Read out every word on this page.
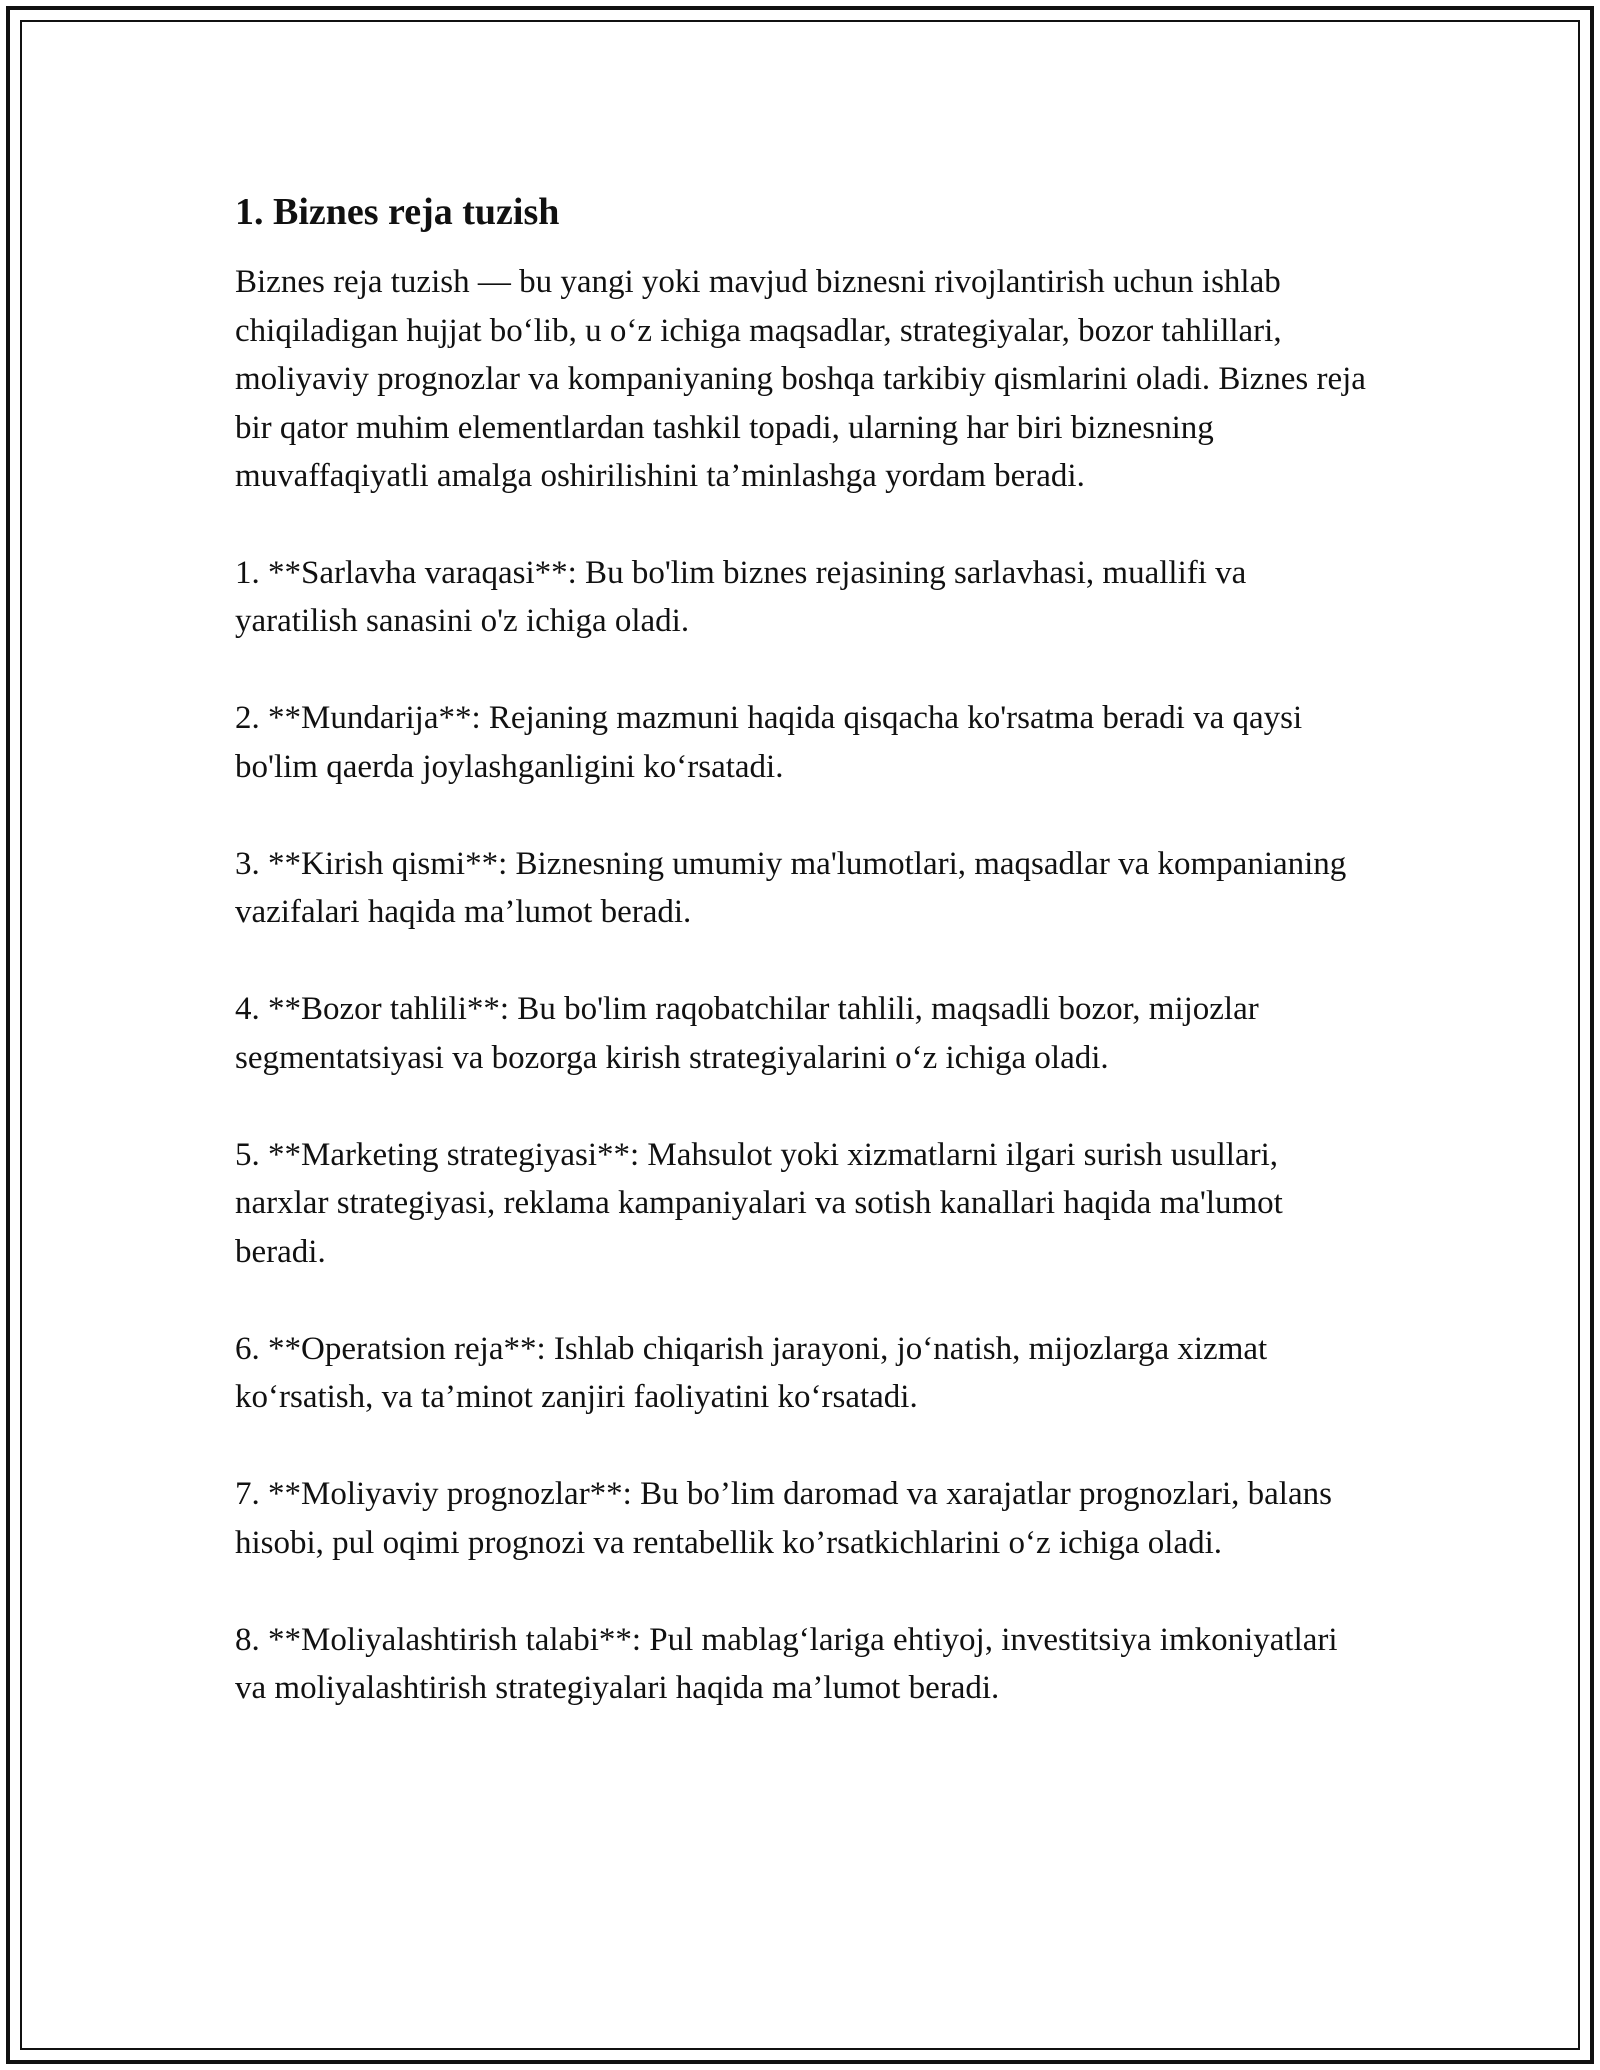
1. Biznes reja tuzish

Biznes reja tuzish — bu yangi yoki mavjud biznesni rivojlantirish uchun ishlab chiqiladigan hujjat bo‘lib, u o‘z ichiga maqsadlar, strategiyalar, bozor tahlillari, moliyaviy prognozlar va kompaniyaning boshqa tarkibiy qismlarini oladi. Biznes reja bir qator muhim elementlardan tashkil topadi, ularning har biri biznesning muvaffaqiyatli amalga oshirilishini ta’minlashga yordam beradi.

1. **Sarlavha varaqasi**: Bu bo'lim biznes rejasining sarlavhasi, muallifi va yaratilish sanasini o'z ichiga oladi.

2. **Mundarija**: Rejaning mazmuni haqida qisqacha ko'rsatma beradi va qaysi bo'lim qaerda joylashganligini ko‘rsatadi.

3. **Kirish qismi**: Biznesning umumiy ma'lumotlari, maqsadlar va kompanianing vazifalari haqida ma’lumot beradi.

4. **Bozor tahlili**: Bu bo'lim raqobatchilar tahlili, maqsadli bozor, mijozlar segmentatsiyasi va bozorga kirish strategiyalarini o‘z ichiga oladi.

5. **Marketing strategiyasi**: Mahsulot yoki xizmatlarni ilgari surish usullari, narxlar strategiyasi, reklama kampaniyalari va sotish kanallari haqida ma'lumot beradi.

6. **Operatsion reja**: Ishlab chiqarish jarayoni, jo‘natish, mijozlarga xizmat ko‘rsatish, va ta’minot zanjiri faoliyatini ko‘rsatadi.

7. **Moliyaviy prognozlar**: Bu bo’lim daromad va xarajatlar prognozlari, balans hisobi, pul oqimi prognozi va rentabellik ko’rsatkichlarini o‘z ichiga oladi.

8. **Moliyalashtirish talabi**: Pul mablag‘lariga ehtiyoj, investitsiya imkoniyatlari va moliyalashtirish strategiyalari haqida ma’lumot beradi.
